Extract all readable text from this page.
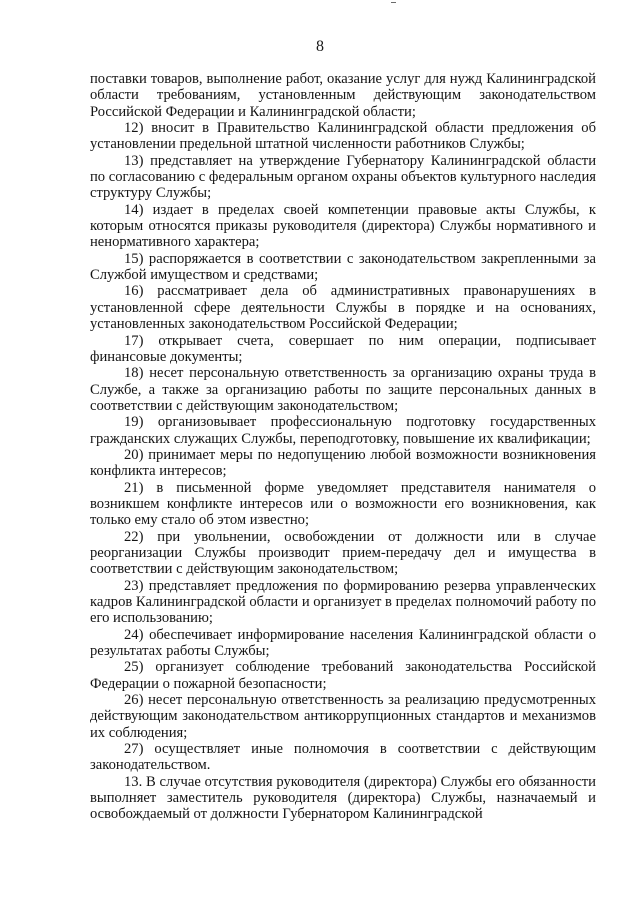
8

поставки товаров, выполнение работ, оказание услуг для нужд Калининградской области требованиям, установленным действующим законодательством Российской Федерации и Калининградской области;

12) вносит в Правительство Калининградской области предложения об установлении предельной штатной численности работников Службы;

13) представляет на утверждение Губернатору Калининградской области по согласованию с федеральным органом охраны объектов культурного наследия структуру Службы;

14) издает в пределах своей компетенции правовые акты Службы, к которым относятся приказы руководителя (директора) Службы нормативного и ненормативного характера;

15) распоряжается в соответствии с законодательством закрепленными за Службой имуществом и средствами;

16) рассматривает дела об административных правонарушениях в установленной сфере деятельности Службы в порядке и на основаниях, установленных законодательством Российской Федерации;

17) открывает счета, совершает по ним операции, подписывает финансовые документы;

18) несет персональную ответственность за организацию охраны труда в Службе, а также за организацию работы по защите персональных данных в соответствии с действующим законодательством;

19) организовывает профессиональную подготовку государственных гражданских служащих Службы, переподготовку, повышение их квалификации;

20) принимает меры по недопущению любой возможности возникновения конфликта интересов;

21) в письменной форме уведомляет представителя нанимателя о возникшем конфликте интересов или о возможности его возникновения, как только ему стало об этом известно;

22) при увольнении, освобождении от должности или в случае реорганизации Службы производит прием-передачу дел и имущества в соответствии с действующим законодательством;

23) представляет предложения по формированию резерва управленческих кадров Калининградской области и организует в пределах полномочий работу по его использованию;

24) обеспечивает информирование населения Калининградской области о результатах работы Службы;

25) организует соблюдение требований законодательства Российской Федерации о пожарной безопасности;

26) несет персональную ответственность за реализацию предусмотренных действующим законодательством антикоррупционных стандартов и механизмов их соблюдения;

27) осуществляет иные полномочия в соответствии с действующим законодательством.

13. В случае отсутствия руководителя (директора) Службы его обязанности выполняет заместитель руководителя (директора) Службы, назначаемый и освобождаемый от должности Губернатором Калининградской
